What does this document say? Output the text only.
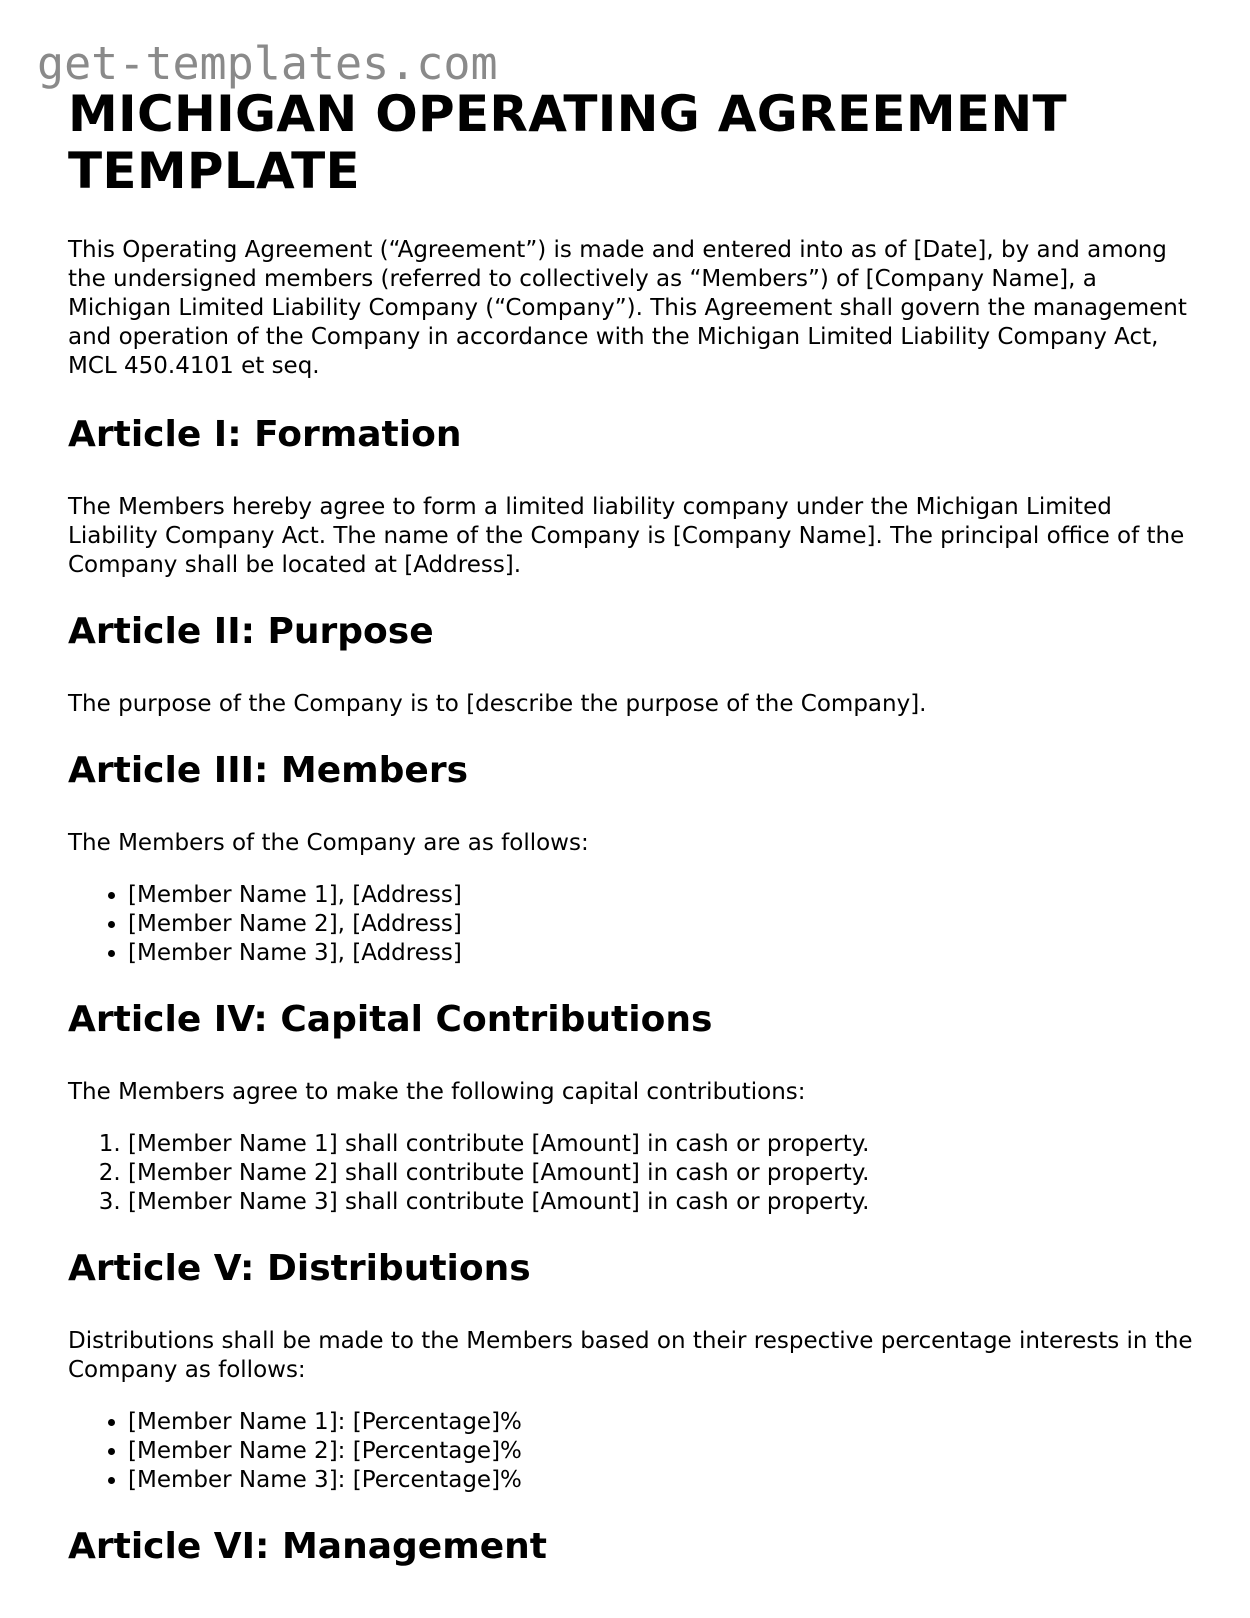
get-templates.com
MICHIGAN OPERATING AGREEMENT TEMPLATE

This Operating Agreement (“Agreement”) is made and entered into as of [Date], by and among the undersigned members (referred to collectively as “Members”) of [Company Name], a Michigan Limited Liability Company (“Company”). This Agreement shall govern the management and operation of the Company in accordance with the Michigan Limited Liability Company Act, MCL 450.4101 et seq.

Article I: Formation

The Members hereby agree to form a limited liability company under the Michigan Limited Liability Company Act. The name of the Company is [Company Name]. The principal office of the Company shall be located at [Address].

Article II: Purpose

The purpose of the Company is to [describe the purpose of the Company].

Article III: Members

The Members of the Company are as follows:

• [Member Name 1], [Address]
• [Member Name 2], [Address]
• [Member Name 3], [Address]
Article IV: Capital Contributions

The Members agree to make the following capital contributions:

1. [Member Name 1] shall contribute [Amount] in cash or property.
2. [Member Name 2] shall contribute [Amount] in cash or property.
3. [Member Name 3] shall contribute [Amount] in cash or property.
Article V: Distributions

Distributions shall be made to the Members based on their respective percentage interests in the Company as follows:

• [Member Name 1]: [Percentage]%
• [Member Name 2]: [Percentage]%
• [Member Name 3]: [Percentage]%
Article VI: Management
